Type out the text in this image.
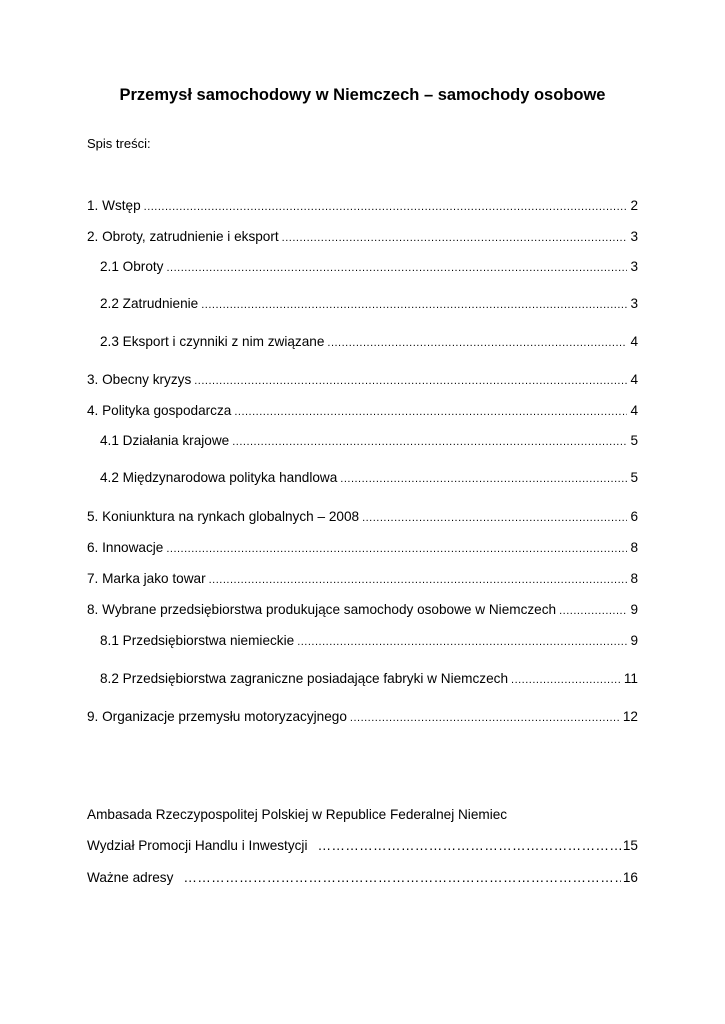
Przemysł samochodowy w Niemczech – samochody osobowe
Spis treści:
1. Wstęp .....	2
2. Obroty, zatrudnienie i eksport .....	3
2.1 Obroty .....	3
2.2 Zatrudnienie .....	3
2.3 Eksport i czynniki z nim związane .....	4
3. Obecny kryzys .....	4
4. Polityka gospodarcza .....	4
4.1 Działania krajowe .....	5
4.2 Międzynarodowa polityka handlowa .....	5
5. Koniunktura na rynkach globalnych – 2008 .....	6
6. Innowacje .....	8
7. Marka jako towar .....	8
8. Wybrane przedsiębiorstwa produkujące samochody osobowe w Niemczech .....	9
8.1 Przedsiębiorstwa niemieckie .....	9
8.2 Przedsiębiorstwa zagraniczne posiadające fabryki w Niemczech .....	11
9. Organizacje przemysłu motoryzacyjnego .....	12
Ambasada Rzeczypospolitej Polskiej w Republice Federalnej Niemiec
Wydział Promocji Handlu i Inwestycji …………………………………………………………………………………………………………………………………………………………………………………	15
Ważne adresy …………………………………………………………………………………………………………………………………………………………………………………	16
